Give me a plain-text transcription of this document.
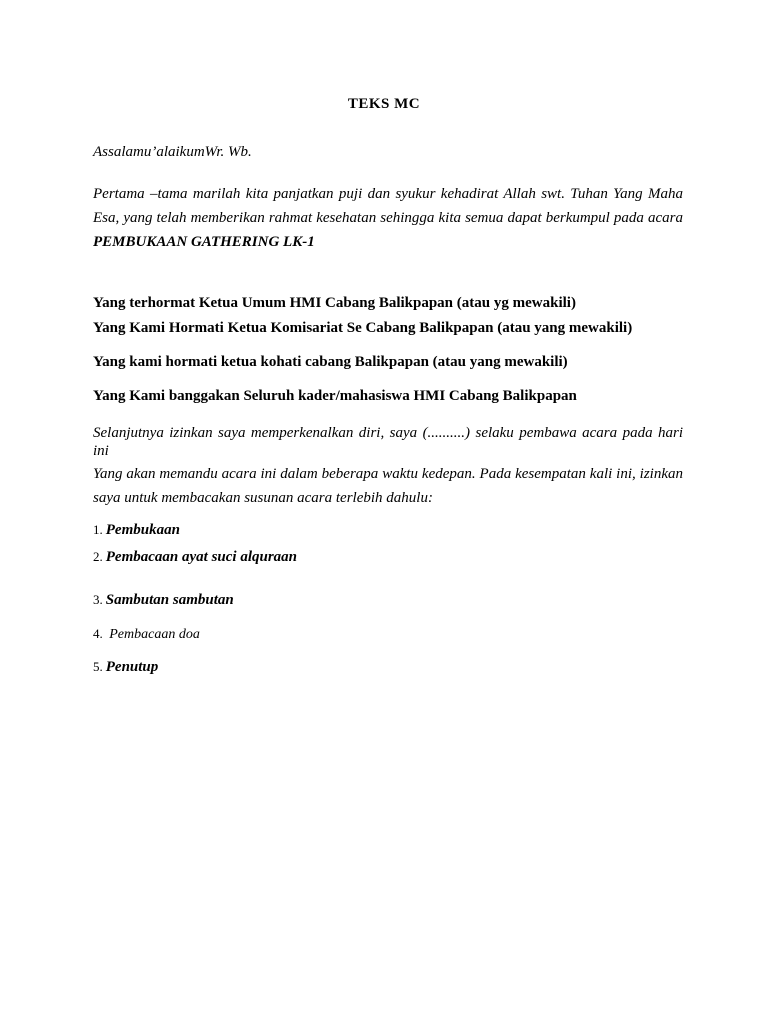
TEKS MC

Assalamu’alaikumWr. Wb.

Pertama –tama marilah kita panjatkan puji dan syukur kehadirat Allah swt. Tuhan Yang Maha Esa, yang telah memberikan rahmat kesehatan sehingga kita semua dapat berkumpul pada acara PEMBUKAAN GATHERING LK-1

Yang terhormat Ketua Umum HMI Cabang Balikpapan (atau yg mewakili)

Yang Kami Hormati Ketua Komisariat Se Cabang Balikpapan (atau yang mewakili)

Yang kami hormati ketua kohati cabang Balikpapan (atau yang mewakili)

Yang Kami banggakan Seluruh kader/mahasiswa HMI Cabang Balikpapan

Selanjutnya izinkan saya memperkenalkan diri, saya (..........) selaku pembawa acara pada hari ini

Yang akan memandu acara ini dalam beberapa waktu kedepan. Pada kesempatan kali ini, izinkan saya untuk membacakan susunan acara terlebih dahulu:

1. Pembukaan

2. Pembacaan ayat suci alquraan

3. Sambutan sambutan

4. Pembacaan doa

5. Penutup
